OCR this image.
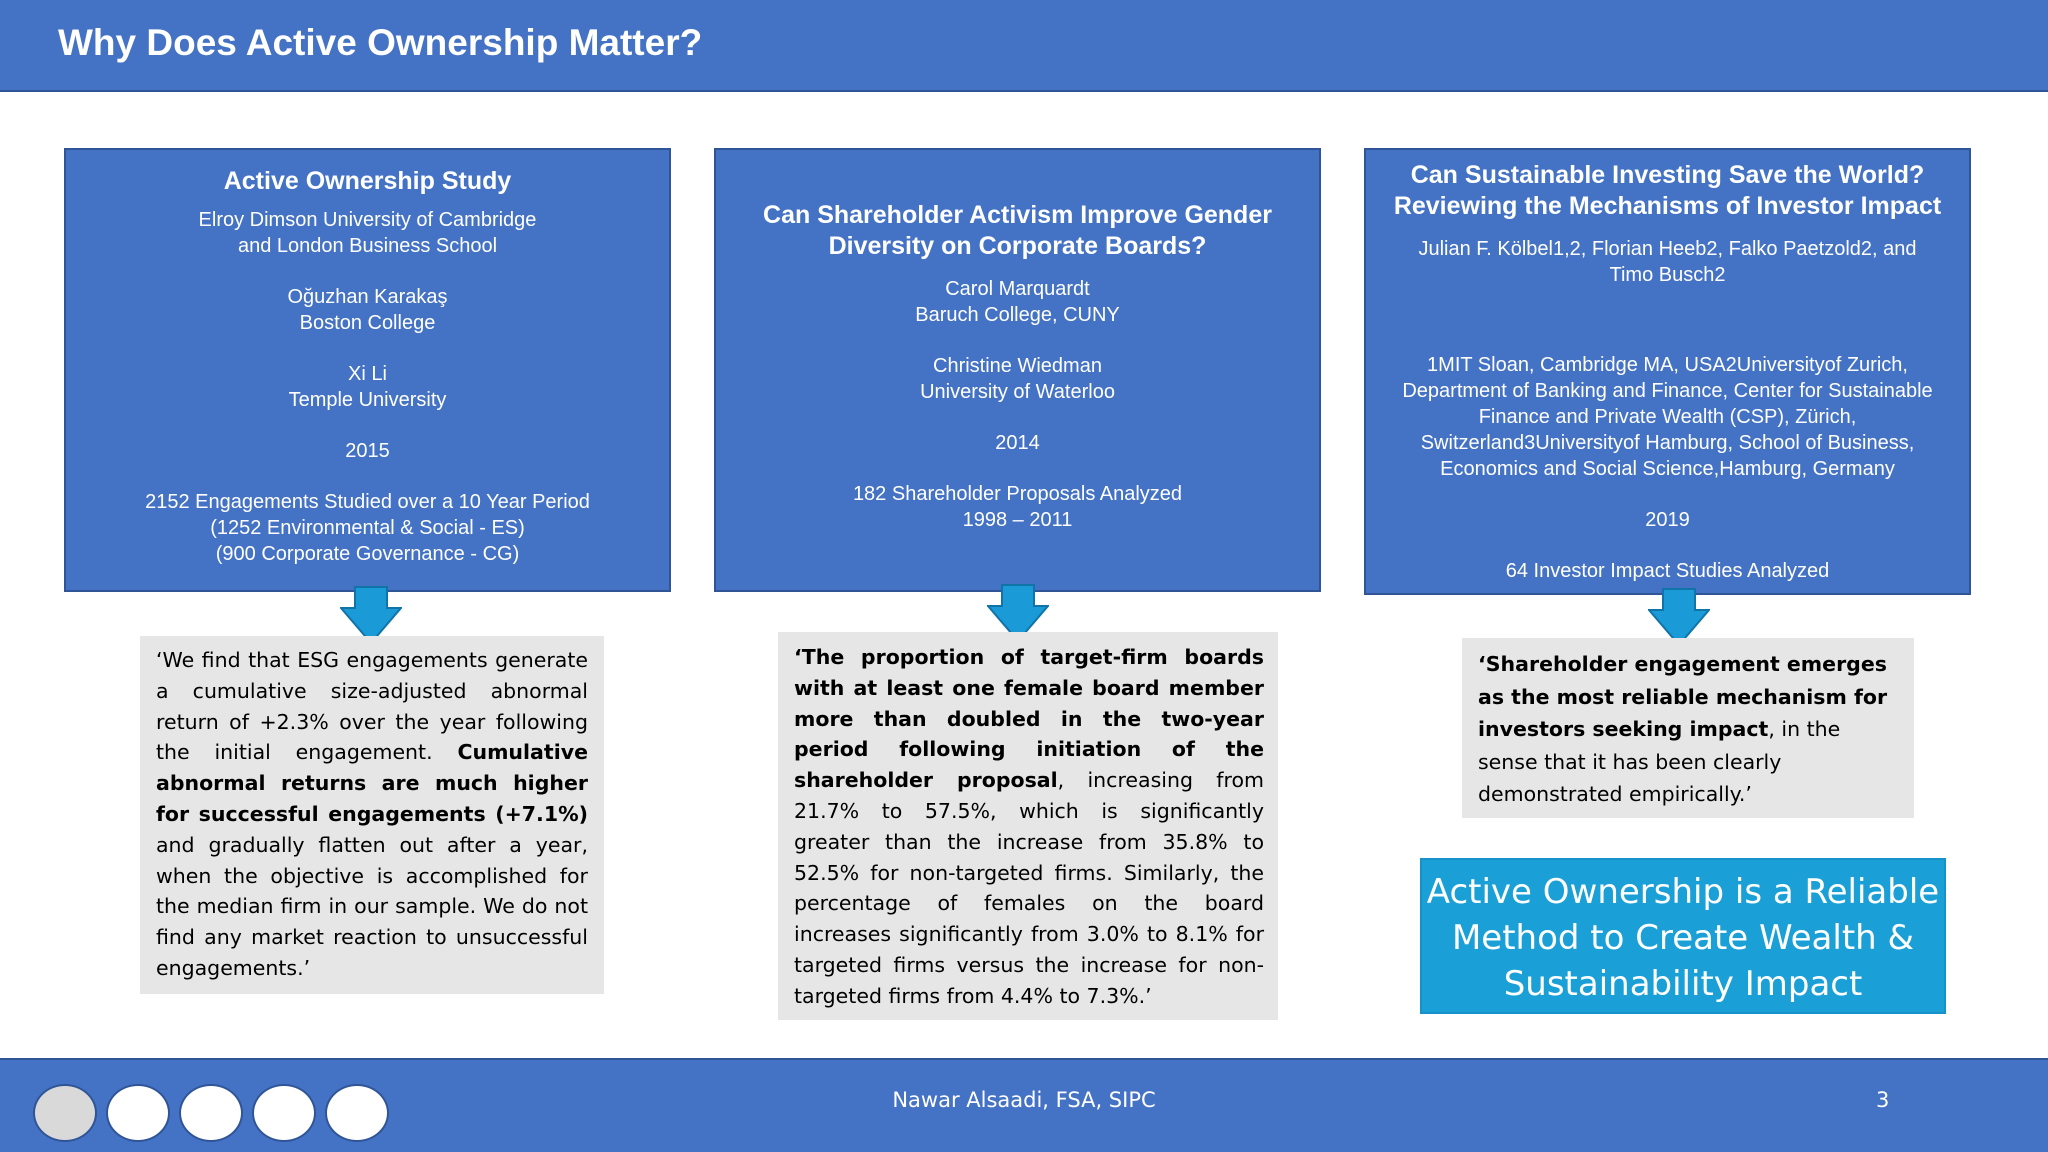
Why Does Active Ownership Matter?
Active Ownership Study
Elroy Dimson University of Cambridge
and London Business School
Oğuzhan Karakaş
Boston College
Xi Li
Temple University
2015
2152 Engagements Studied over a 10 Year Period
(1252 Environmental & Social - ES)
(900 Corporate Governance - CG)
Can Shareholder Activism Improve Gender
Diversity on Corporate Boards?
Carol Marquardt
Baruch College, CUNY
Christine Wiedman
University of Waterloo
2014
182 Shareholder Proposals Analyzed
1998 – 2011
Can Sustainable Investing Save the World?
Reviewing the Mechanisms of Investor Impact
Julian F. Kölbel1,2, Florian Heeb2, Falko Paetzold2, and
Timo Busch2
1MIT Sloan, Cambridge MA, USA2Universityof Zurich,
Department of Banking and Finance, Center for Sustainable
Finance and Private Wealth (CSP), Zürich,
Switzerland3Universityof Hamburg, School of Business,
Economics and Social Science,Hamburg, Germany
2019
64 Investor Impact Studies Analyzed

‘We find that ESG engagements generate a cumulative size-adjusted abnormal return of +2.3% over the year following the initial engagement. Cumulative abnormal returns are much higher for successful engagements (+7.1%) and gradually flatten out after a year, when the objective is accomplished for the median firm in our sample. We do not find any market reaction to unsuccessful engagements.’

‘The proportion of target-firm boards with at least one female board member more than doubled in the two-year period following initiation of the shareholder proposal, increasing from 21.7% to 57.5%, which is significantly greater than the increase from 35.8% to 52.5% for non-targeted firms. Similarly, the percentage of females on the board increases significantly from 3.0% to 8.1% for targeted firms versus the increase for non-targeted firms from 4.4% to 7.3%.’

‘Shareholder engagement emerges as the most reliable mechanism for investors seeking impact, in the sense that it has been clearly demonstrated empirically.’

Active Ownership is a Reliable Method to Create Wealth & Sustainability Impact
Nawar Alsaadi, FSA, SIPC	3
